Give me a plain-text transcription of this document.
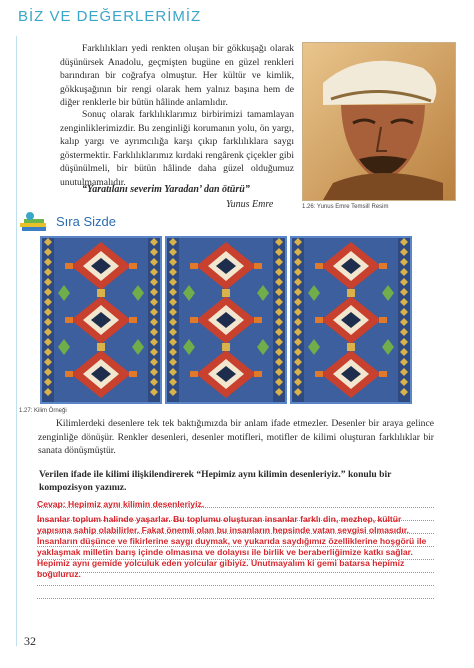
BİZ VE DEĞERLERİMİZ

Farklılıkları yedi renkten oluşan bir gökkuşağı olarak düşünürsek Anadolu, geçmişten bugüne en güzel renkleri barındıran bir coğrafya olmuştur. Her kültür ve kimlik, gökkuşağının bir rengi olarak hem yalnız başına hem de diğer renklerle bir bütün hâlinde anlamlıdır.

Sonuç olarak farklılıklarımız birbirimizi tamamlayan zenginliklerimizdir. Bu zenginliği korumanın yolu, ön yargı, kalıp yargı ve ayrımcılığa karşı çıkıp farklılıklara saygı göstermektir. Farklılıklarımız kırdaki rengârenk çiçekler gibi düşünülmeli, bir bütün hâlinde daha güzel olduğumuz unutulmamalıdır.

“Yaratılanı severim Yaradan’ dan ötürü”
Yunus Emre	1.26: Yunus Emre Temsilî Resim
Sıra Sizde
1.27: Kilim Örneği

Kilimlerdeki desenlere tek tek baktığımızda bir anlam ifade etmezler. Desenler bir araya gelince zenginliğe dönüşür. Renkler desenleri, desenler motifleri, motifler de kilimi oluşturan farklılıklar bir sanata dönüşmüştür.

Verilen ifade ile kilimi ilişkilendirerek “Hepimiz aynı kilimin desenleriyiz.” konulu bir kompozisyon yazınız.
Cevap: Hepimiz aynı kilimin desenleriyiz.
İnsanlar toplum halinde yaşarlar. Bu toplumu oluşturan insanlar farklı din, mezhep, kültür yapısına sahip olabilirler. Fakat önemli olan bu insanların hepsinde vatan sevgisi olmasıdır. İnsanların düşünce ve fikirlerine saygı duymak, ve yukarıda saydığımız özelliklerine hoşgörü ile yaklaşmak milletin barış içinde olmasına ve dolayısı ile birlik ve beraberliğimize katkı sağlar. Hepimiz aynı gemide yolculuk eden yolcular gibiyiz. Unutmayalım ki gemi batarsa hepimiz boğuluruz.
32
